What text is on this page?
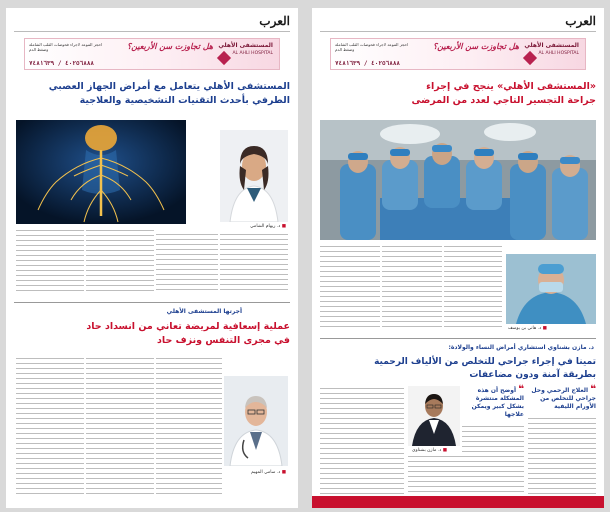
العرب
احجز الموعد لاجراء فحوصات القلب الشاملة وضغط الدم
٤٠٢٥٦٨٨٨ / ٧٤٨١٦٣٩
هل تجاوزت سن الأربعين؟ المستشفى الأهلي
AL AHLI HOSPITAL
المستشفى الأهلي يتعامل مع أمراض الجهاز العصبي
الطرفي بأحدث التقنيات التشخيصية والعلاجية
■ د. ريهام الشامي
أجرتها المستشفى الأهلي
عملية إسعافية لمريضة تعاني من انسداد حاد
في مجرى التنفس ونزف حاد
■ د. سامي المهيم
العرب
احجز الموعد لاجراء فحوصات القلب الشاملة وضغط الدم
٤٠٢٥٦٨٨٨ / ٧٤٨١٦٣٩
هل تجاوزت سن الأربعين؟ المستشفى الأهلي
AL AHLI HOSPITAL
«المستشفى الأهلي» ينجح في إجراء
جراحة التجسير التاجي لعدد من المرضى
■ د. هاني بن يوسف
د. مازن بشناوي استشاري أمراض النساء والولادة:
تمينا في إجراء جراحي للتخلص من الألياف الرحمية
بطريقة آمنة ودون مضاعفات
❝ العلاج الرحمي وحل جراحي للتخلص من الأورام الليفية
❝ أوضح أن هذه المشكلة منتشرة بشكل كبير ويمكن علاجها
■ د. مازن بشناوي
